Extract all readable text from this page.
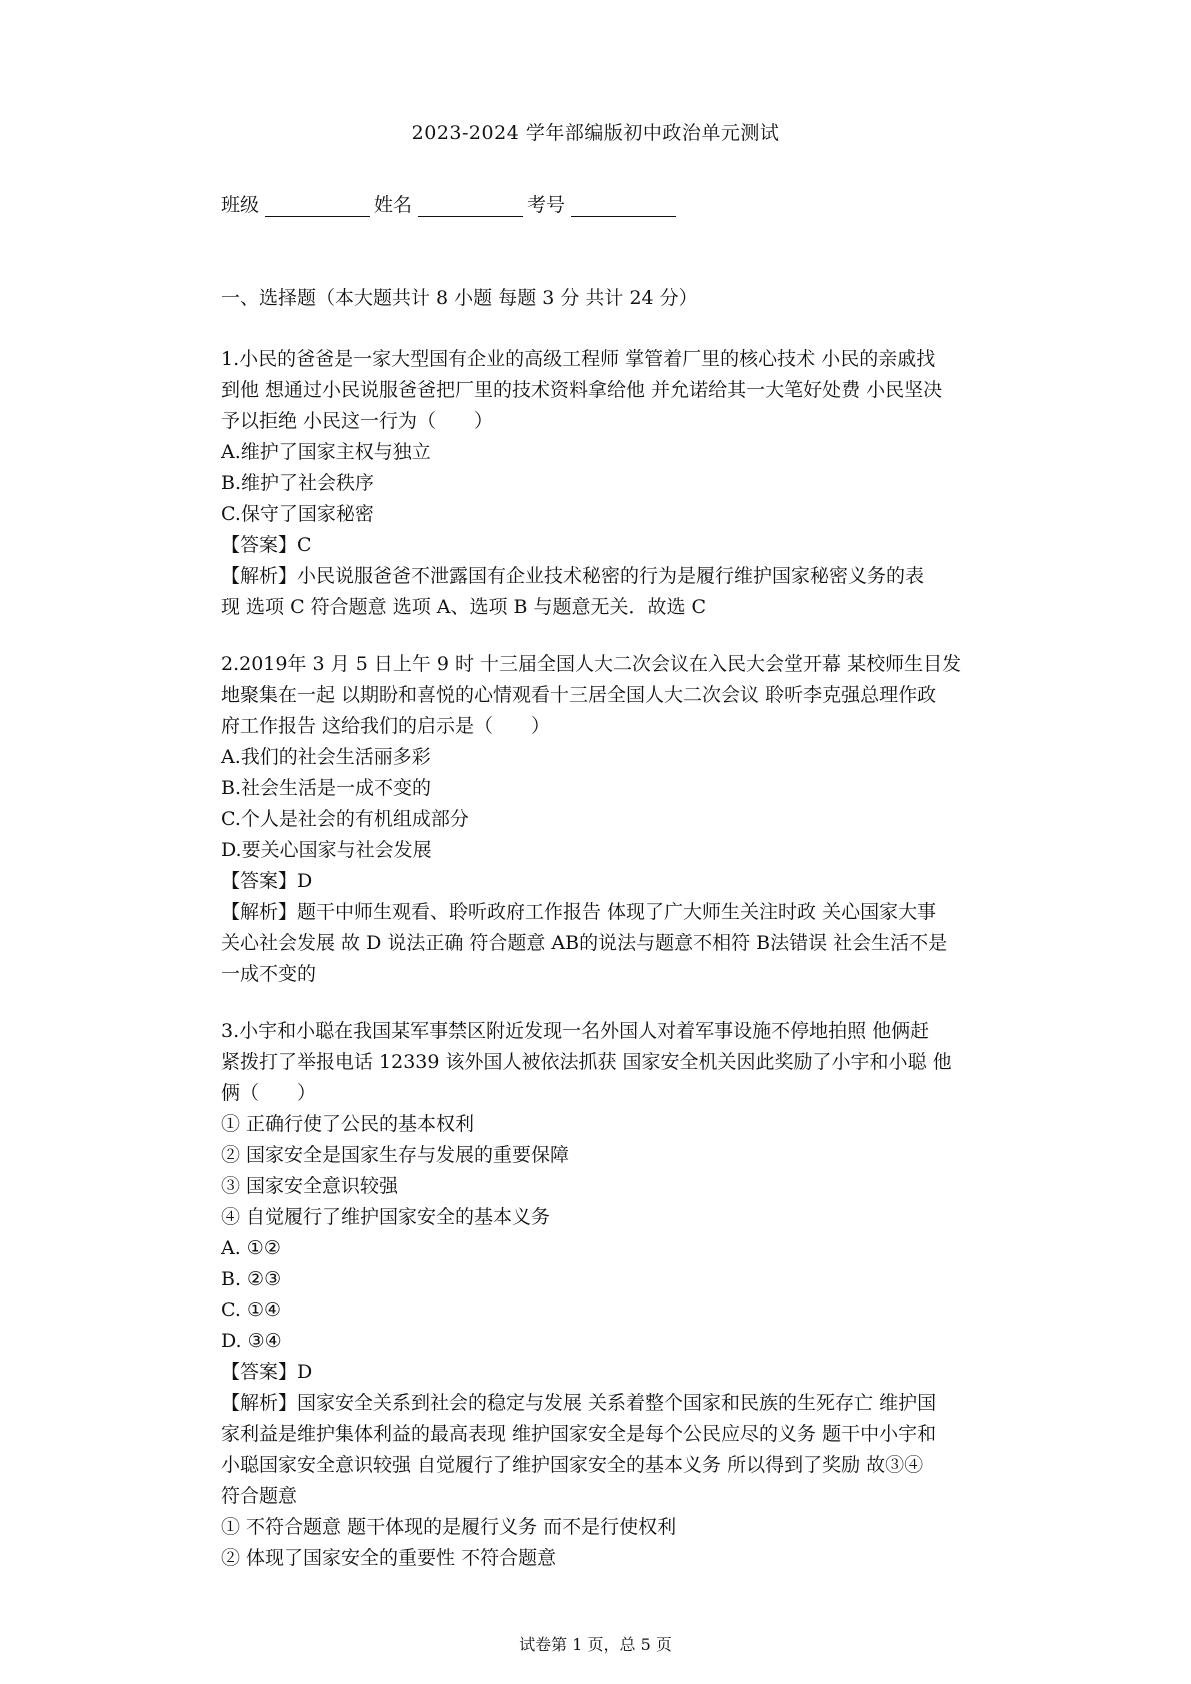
2023-2024 学年部编版初中政治单元测试
班级	姓名	考号
一、选择题（本大题共计 8 小题 每题 3 分 共计 24 分）
1.小民的爸爸是一家大型国有企业的高级工程师 掌管着厂里的核心技术 小民的亲戚找
到他 想通过小民说服爸爸把厂里的技术资料拿给他 并允诺给其一大笔好处费 小民坚决
予以拒绝 小民这一行为（　　）
A.维护了国家主权与独立
B.维护了社会秩序
C.保守了国家秘密
【答案】C
【解析】小民说服爸爸不泄露国有企业技术秘密的行为是履行维护国家秘密义务的表
现 选项 C 符合题意 选项 A、选项 B 与题意无关．故选 C
2.2019年 3 月 5 日上午 9 时 十三届全国人大二次会议在入民大会堂开幕 某校师生目发
地聚集在一起 以期盼和喜悦的心情观看十三居全国人大二次会议 聆听李克强总理作政
府工作报告 这给我们的启示是（　　）
A.我们的社会生活丽多彩
B.社会生活是一成不变的
C.个人是社会的有机组成部分
D.要关心国家与社会发展
【答案】D
【解析】题干中师生观看、聆听政府工作报告 体现了广大师生关注时政 关心国家大事
关心社会发展 故 D 说法正确 符合题意 AB的说法与题意不相符 B法错误 社会生活不是
一成不变的
3.小宇和小聪在我国某军事禁区附近发现一名外国人对着军事设施不停地拍照 他俩赶
紧拨打了举报电话 12339 该外国人被依法抓获 国家安全机关因此奖励了小宇和小聪 他
俩（　　）
① 正确行使了公民的基本权利
② 国家安全是国家生存与发展的重要保障
③ 国家安全意识较强
④ 自觉履行了维护国家安全的基本义务
A. ①②
B. ②③
C. ①④
D. ③④
【答案】D
【解析】国家安全关系到社会的稳定与发展 关系着整个国家和民族的生死存亡 维护国
家利益是维护集体利益的最高表现 维护国家安全是每个公民应尽的义务 题干中小宇和
小聪国家安全意识较强 自觉履行了维护国家安全的基本义务 所以得到了奖励 故③④
符合题意
① 不符合题意 题干体现的是履行义务 而不是行使权利
② 体现了国家安全的重要性 不符合题意
试卷第 1 页，总 5 页
